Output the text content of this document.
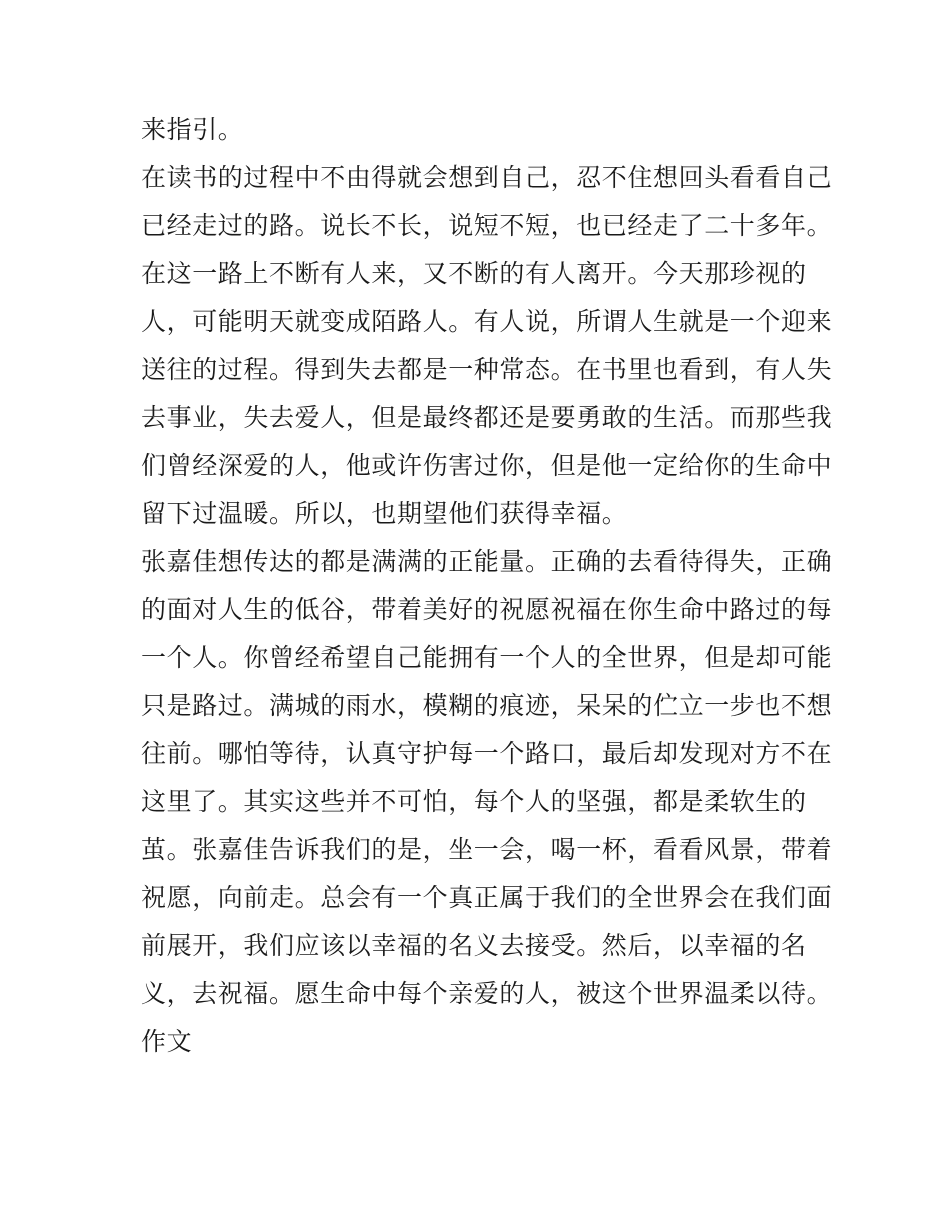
来指引。
在读书的过程中不由得就会想到自己，忍不住想回头看看自己
已经走过的路。说长不长，说短不短，也已经走了二十多年。
在这一路上不断有人来，又不断的有人离开。今天那珍视的
人，可能明天就变成陌路人。有人说，所谓人生就是一个迎来
送往的过程。得到失去都是一种常态。在书里也看到，有人失
去事业，失去爱人，但是最终都还是要勇敢的生活。而那些我
们曾经深爱的人，他或许伤害过你，但是他一定给你的生命中
留下过温暖。所以，也期望他们获得幸福。
张嘉佳想传达的都是满满的正能量。正确的去看待得失，正确
的面对人生的低谷，带着美好的祝愿祝福在你生命中路过的每
一个人。你曾经希望自己能拥有一个人的全世界，但是却可能
只是路过。满城的雨水，模糊的痕迹，呆呆的伫立一步也不想
往前。哪怕等待，认真守护每一个路口，最后却发现对方不在
这里了。其实这些并不可怕，每个人的坚强，都是柔软生的
茧。张嘉佳告诉我们的是，坐一会，喝一杯，看看风景，带着
祝愿，向前走。总会有一个真正属于我们的全世界会在我们面
前展开，我们应该以幸福的名义去接受。然后，以幸福的名
义，去祝福。愿生命中每个亲爱的人，被这个世界温柔以待。
作文
